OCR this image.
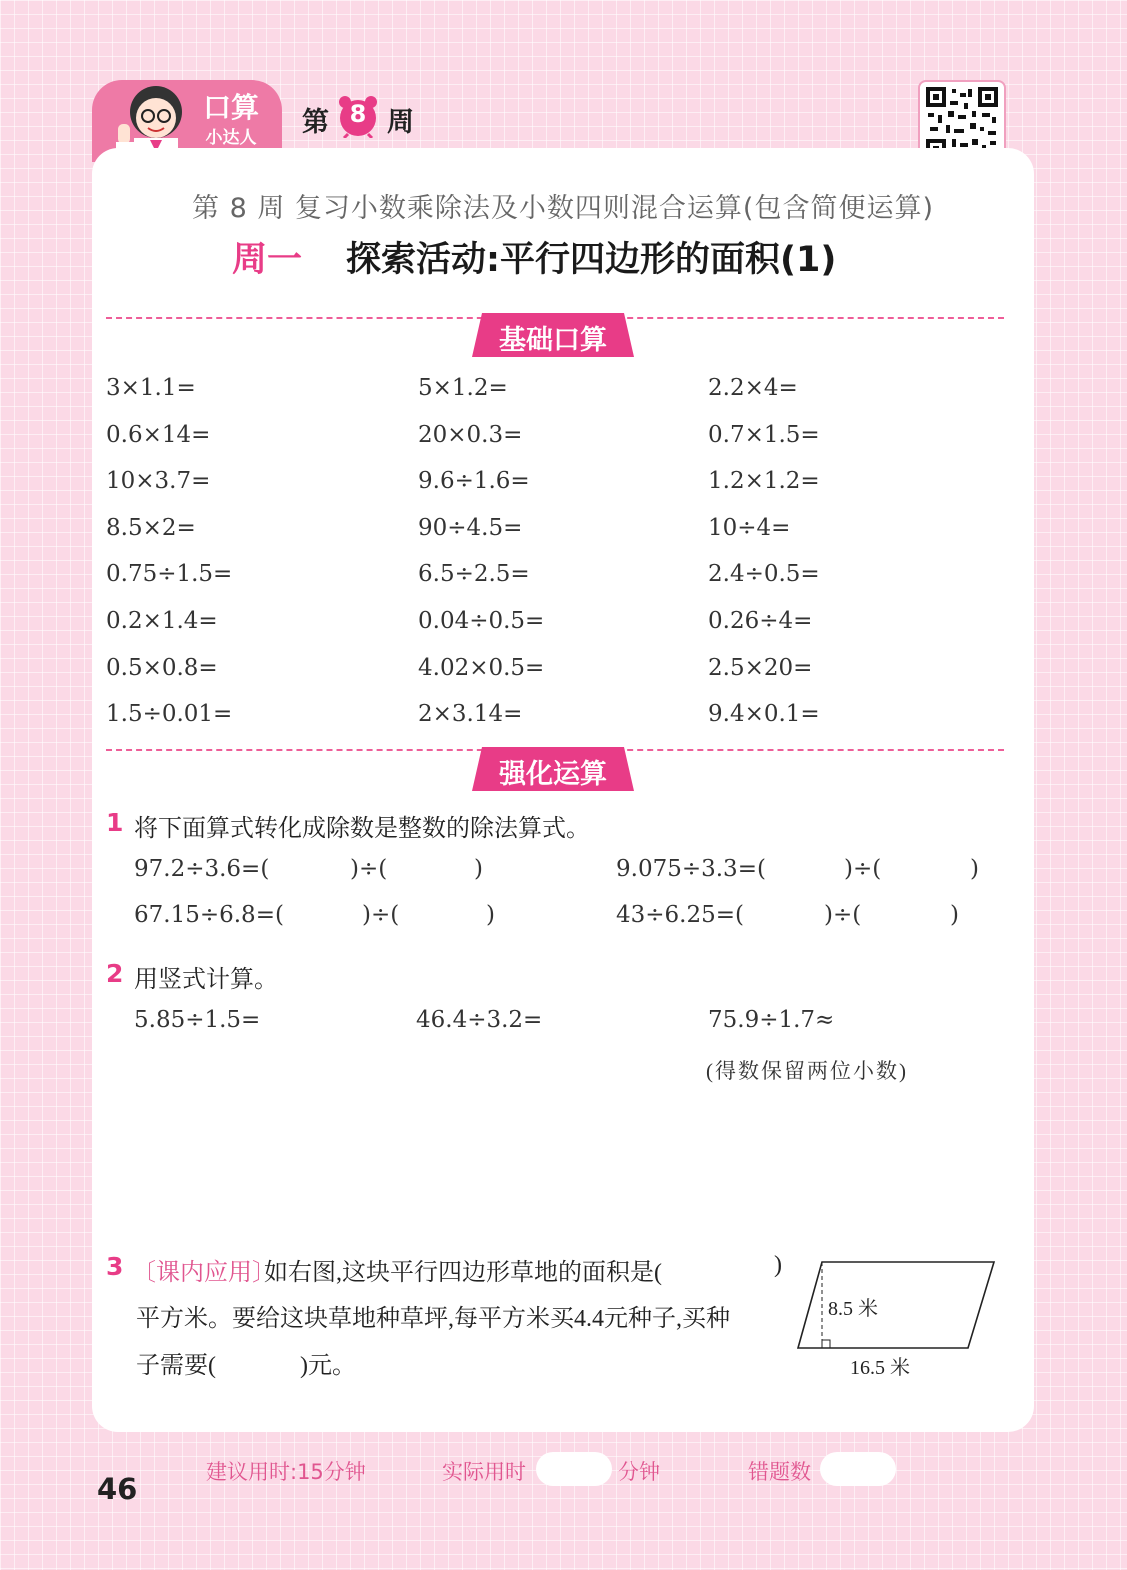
口算
小达人	第 8 周
第 8 周 复习小数乘除法及小数四则混合运算(包含简便运算)
周一 探索活动:平行四边形的面积(1)
基础口算
3×1.1=	5×1.2=	2.2×4=
0.6×14=	20×0.3=	0.7×1.5=
10×3.7=	9.6÷1.6=	1.2×1.2=
8.5×2=	90÷4.5=	10÷4=
0.75÷1.5=	6.5÷2.5=	2.4÷0.5=
0.2×1.4=	0.04÷0.5=	0.26÷4=
0.5×0.8=	4.02×0.5=	2.5×20=
1.5÷0.01=	2×3.14=	9.4×0.1=
强化运算
1 将下面算式转化成除数是整数的除法算式。
97.2÷3.6=(	)÷(	)	9.075÷3.3=(	)÷(	)
67.15÷6.8=(	)÷(	)	43÷6.25=(	)÷(	)
2 用竖式计算。
5.85÷1.5=	46.4÷3.2=	75.9÷1.7≈
(得数保留两位小数)
3 〔课内应用〕
如右图,这块平行四边形草地的面积是(	)
平方米。要给这块草地种草坪,每平方米买4.4元种子,买种
子需要(	)元。
8.5 米
16.5 米
建议用时:15分钟	实际用时	分钟	错题数
46
